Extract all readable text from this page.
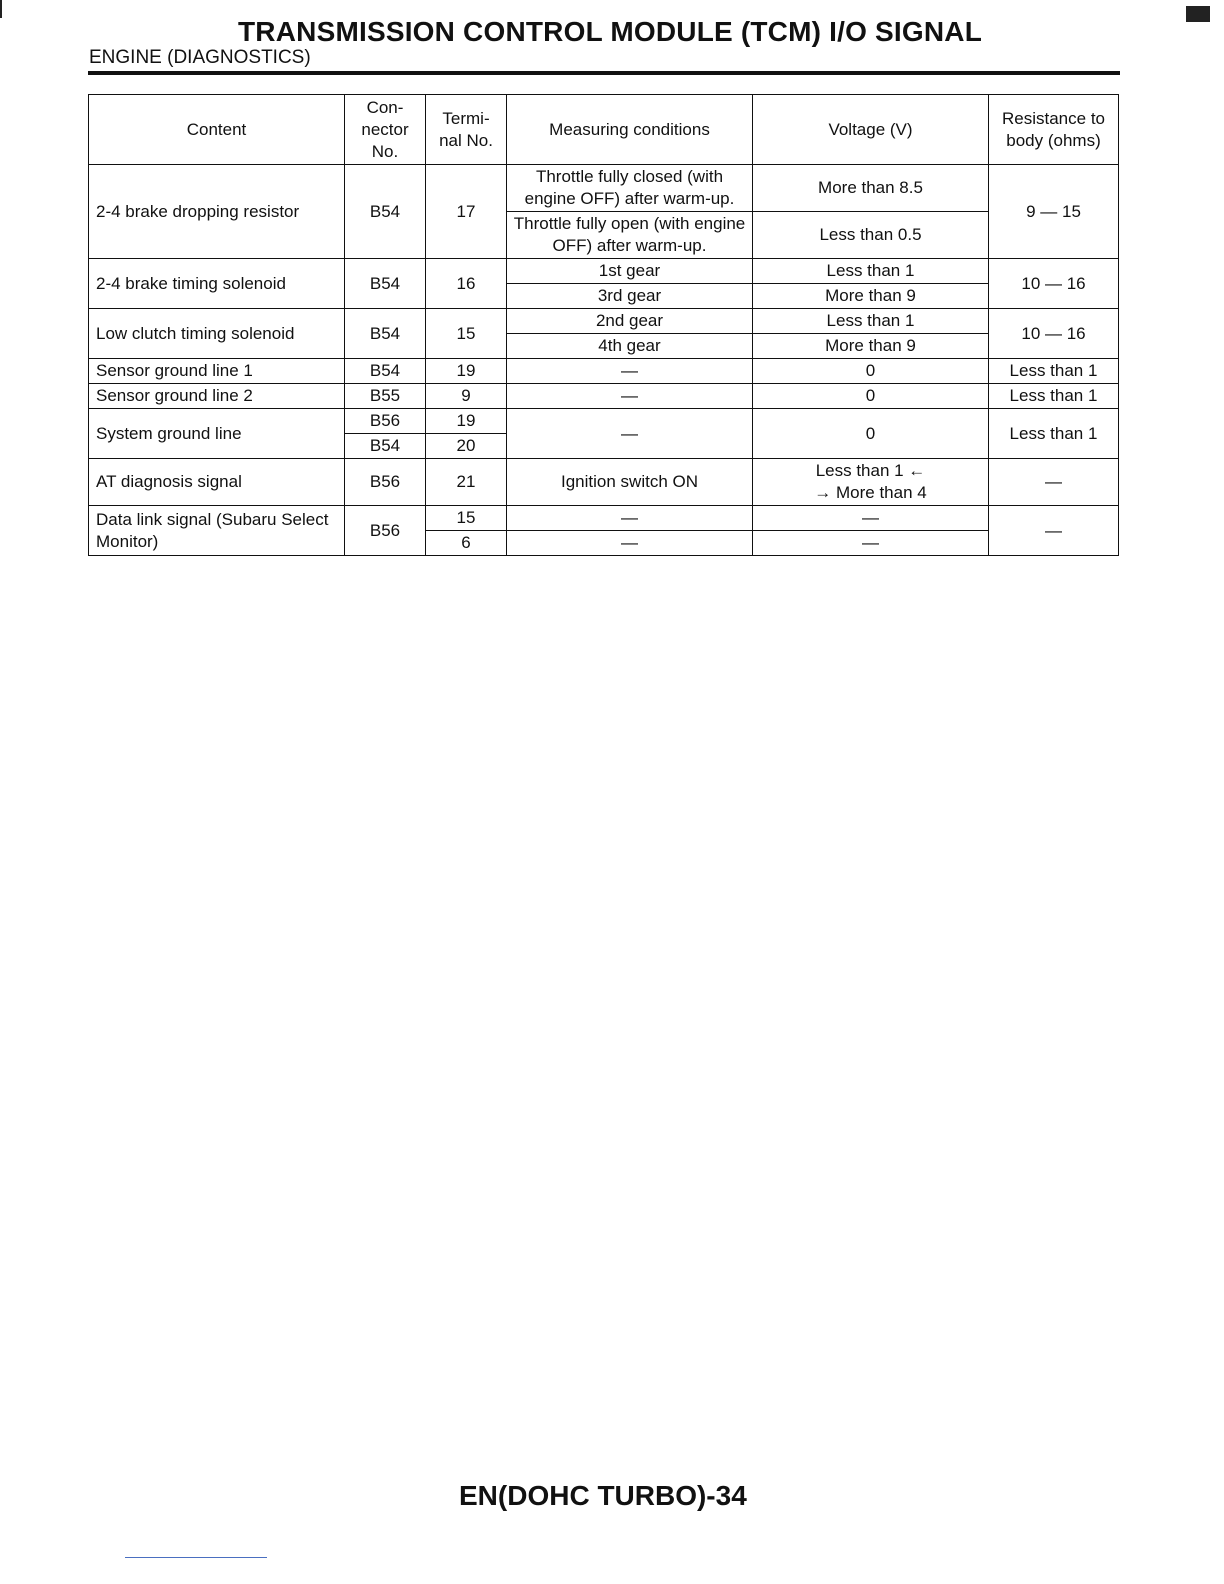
TRANSMISSION CONTROL MODULE (TCM) I/O SIGNAL
ENGINE (DIAGNOSTICS)
Content	Con-
nector
No.	Termi-
nal No.	Measuring conditions	Voltage (V)	Resistance to
body (ohms)
2-4 brake dropping resistor	B54	17	Throttle fully closed (with engine OFF) after warm-up.	More than 8.5	9 — 15
			Throttle fully open (with engine OFF) after warm-up.	Less than 0.5	
2-4 brake timing solenoid	B54	16	1st gear	Less than 1	10 — 16
			3rd gear	More than 9	
Low clutch timing solenoid	B54	15	2nd gear	Less than 1	10 — 16
			4th gear	More than 9	
Sensor ground line 1	B54	19	—	0	Less than 1
Sensor ground line 2	B55	9	—	0	Less than 1
System ground line	B56	19	—	0	Less than 1
	B54	20			
AT diagnosis signal	B56	21	Ignition switch ON	Less than 1 ←
→ More than 4	—
Data link signal (Subaru Select Monitor)	B56	15	—	—	—
		6	—	—	
EN(DOHC TURBO)-34
